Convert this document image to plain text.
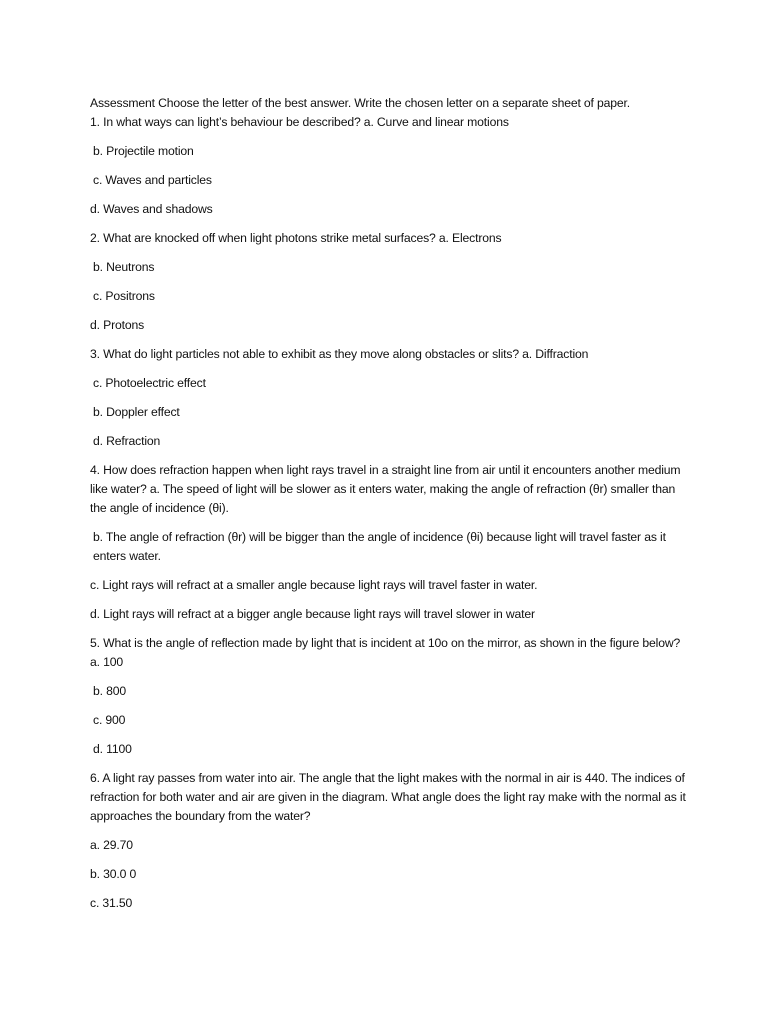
Assessment Choose the letter of the best answer. Write the chosen letter on a separate sheet of paper.

1. In what ways can light’s behaviour be described? a. Curve and linear motions

b. Projectile motion

c. Waves and particles

d. Waves and shadows

2. What are knocked off when light photons strike metal surfaces? a. Electrons

b. Neutrons

c. Positrons

d. Protons

3. What do light particles not able to exhibit as they move along obstacles or slits? a. Diffraction

c. Photoelectric effect

b. Doppler effect

d. Refraction

4. How does refraction happen when light rays travel in a straight line from air until it encounters another medium like water? a. The speed of light will be slower as it enters water, making the angle of refraction (θr) smaller than the angle of incidence (θi).

b. The angle of refraction (θr) will be bigger than the angle of incidence (θi) because light will travel faster as it enters water.

c. Light rays will refract at a smaller angle because light rays will travel faster in water.

d. Light rays will refract at a bigger angle because light rays will travel slower in water

5. What is the angle of reflection made by light that is incident at 10o on the mirror, as shown in the figure below? a. 100

b. 800

c. 900

d. 1100

6. A light ray passes from water into air. The angle that the light makes with the normal in air is 440. The indices of refraction for both water and air are given in the diagram. What angle does the light ray make with the normal as it approaches the boundary from the water?

a. 29.70

b. 30.0 0

c. 31.50
